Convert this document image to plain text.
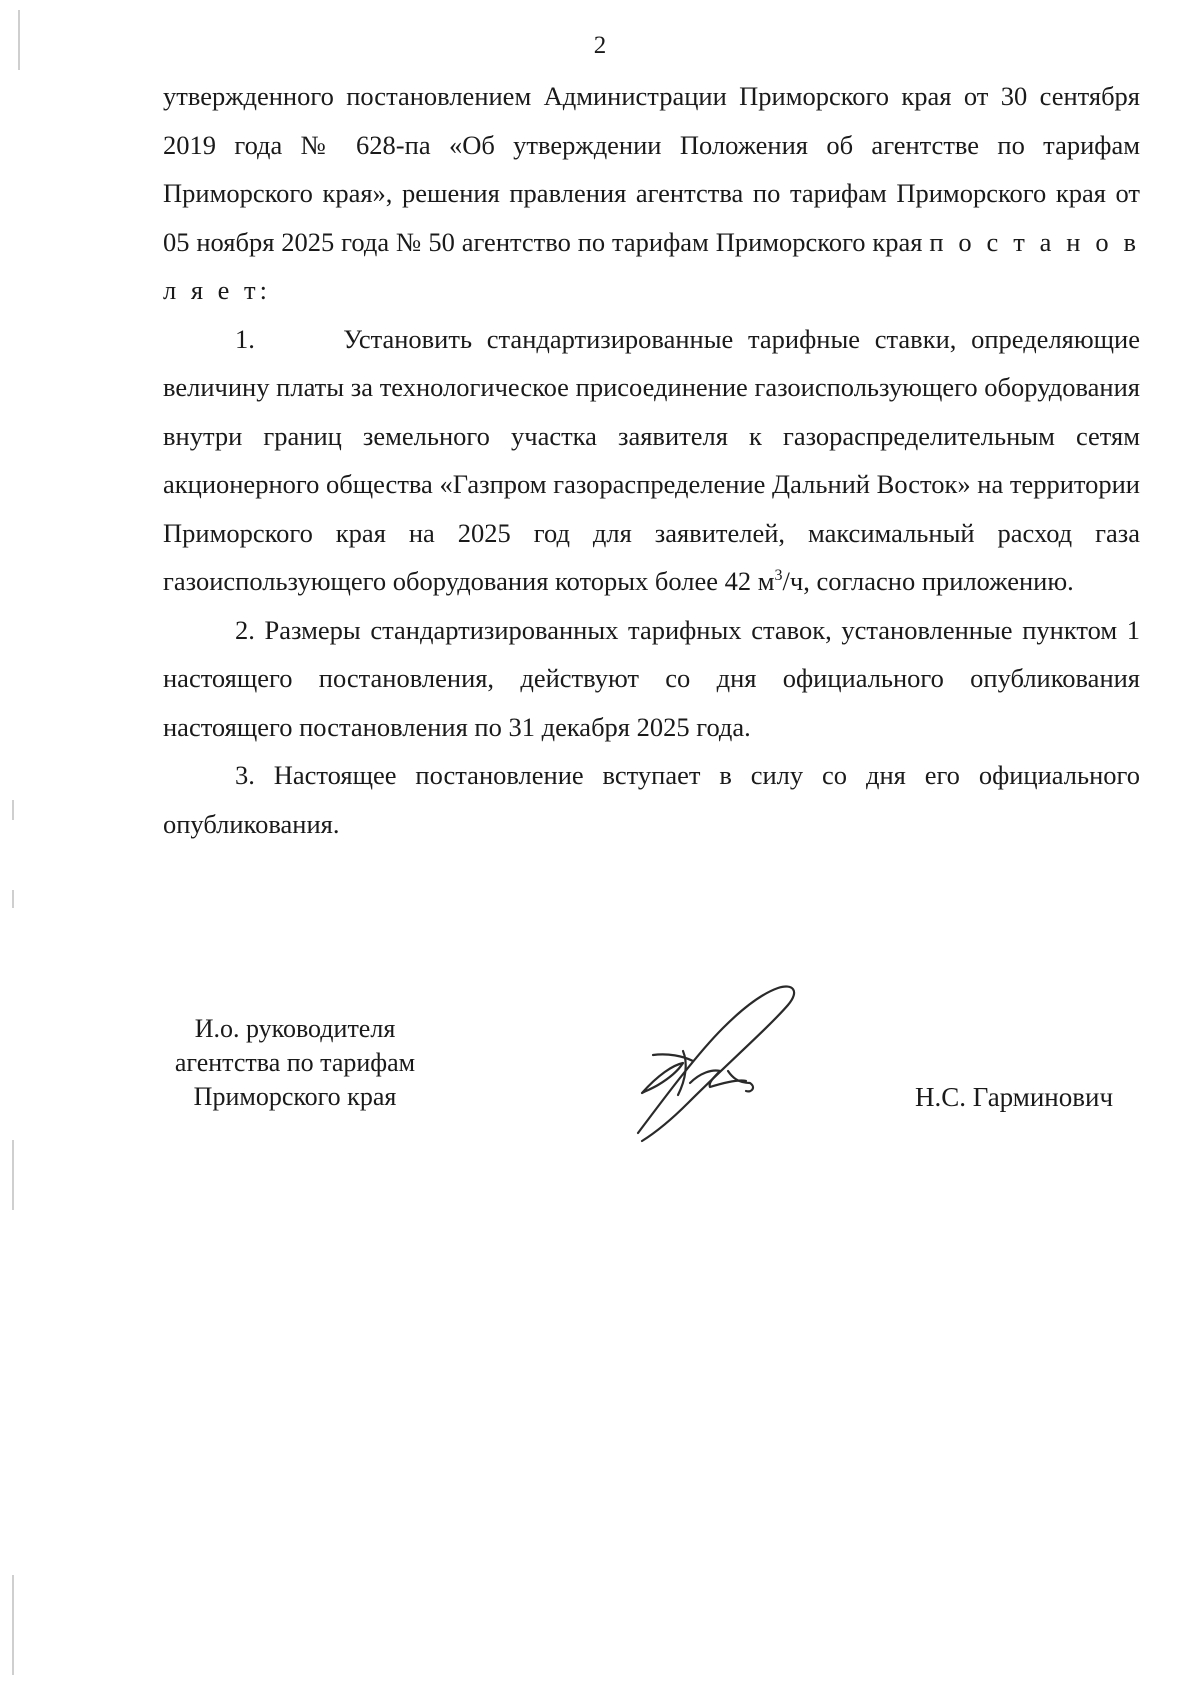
2

утвержденного постановлением Администрации Приморского края от 30 сентября 2019 года № 628-па «Об утверждении Положения об агентстве по тарифам Приморского края», решения правления агентства по тарифам Приморского края от 05 ноября 2025 года № 50 агентство по тарифам Приморского края п о с т а н о в л я е т:

1.	Установить стандартизированные тарифные ставки, определяющие величину платы за технологическое присоединение газоиспользующего оборудования внутри границ земельного участка заявителя к газораспределительным сетям акционерного общества «Газпром газораспределение Дальний Восток» на территории Приморского края на 2025 год для заявителей, максимальный расход газа газоиспользующего оборудования которых более 42 $м^3/ч$, согласно приложению.

2. Размеры стандартизированных тарифных ставок, установленные пунктом 1 настоящего постановления, действуют со дня официального опубликования настоящего постановления по 31 декабря 2025 года.

3. Настоящее постановление вступает в силу со дня его официального опубликования.

И.о. руководителя
агентства по тарифам
Приморского края	Н.С. Гарминович
